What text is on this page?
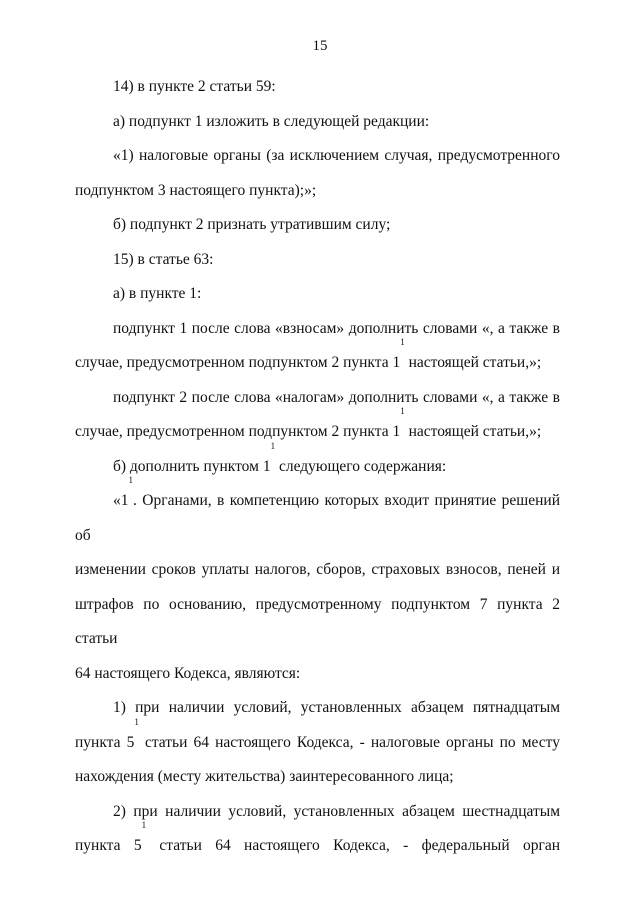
15
14) в пункте 2 статьи 59:
а) подпункт 1 изложить в следующей редакции:
«1) налоговые органы (за исключением случая, предусмотренного
подпунктом 3 настоящего пункта);»;
б) подпункт 2 признать утратившим силу;
15) в статье 63:
а) в пункте 1:
подпункт 1 после слова «взносам» дополнить словами «, а также в
случае, предусмотренном подпунктом 2 пункта $1^1$ настоящей статьи,»;
подпункт 2 после слова «налогам» дополнить словами «, а также в
случае, предусмотренном подпунктом 2 пункта $1^1$ настоящей статьи,»;
б) дополнить пунктом $1^1$ следующего содержания:
«$1^1$. Органами, в компетенцию которых входит принятие решений об
изменении сроков уплаты налогов, сборов, страховых взносов, пеней и
штрафов по основанию, предусмотренному подпунктом 7 пункта 2 статьи
64 настоящего Кодекса, являются:
1) при наличии условий, установленных абзацем пятнадцатым
пункта $5^1$ статьи 64 настоящего Кодекса, - налоговые органы по месту
нахождения (месту жительства) заинтересованного лица;
2) при наличии условий, установленных абзацем шестнадцатым
пункта $5^1$ статьи 64 настоящего Кодекса, - федеральный орган
